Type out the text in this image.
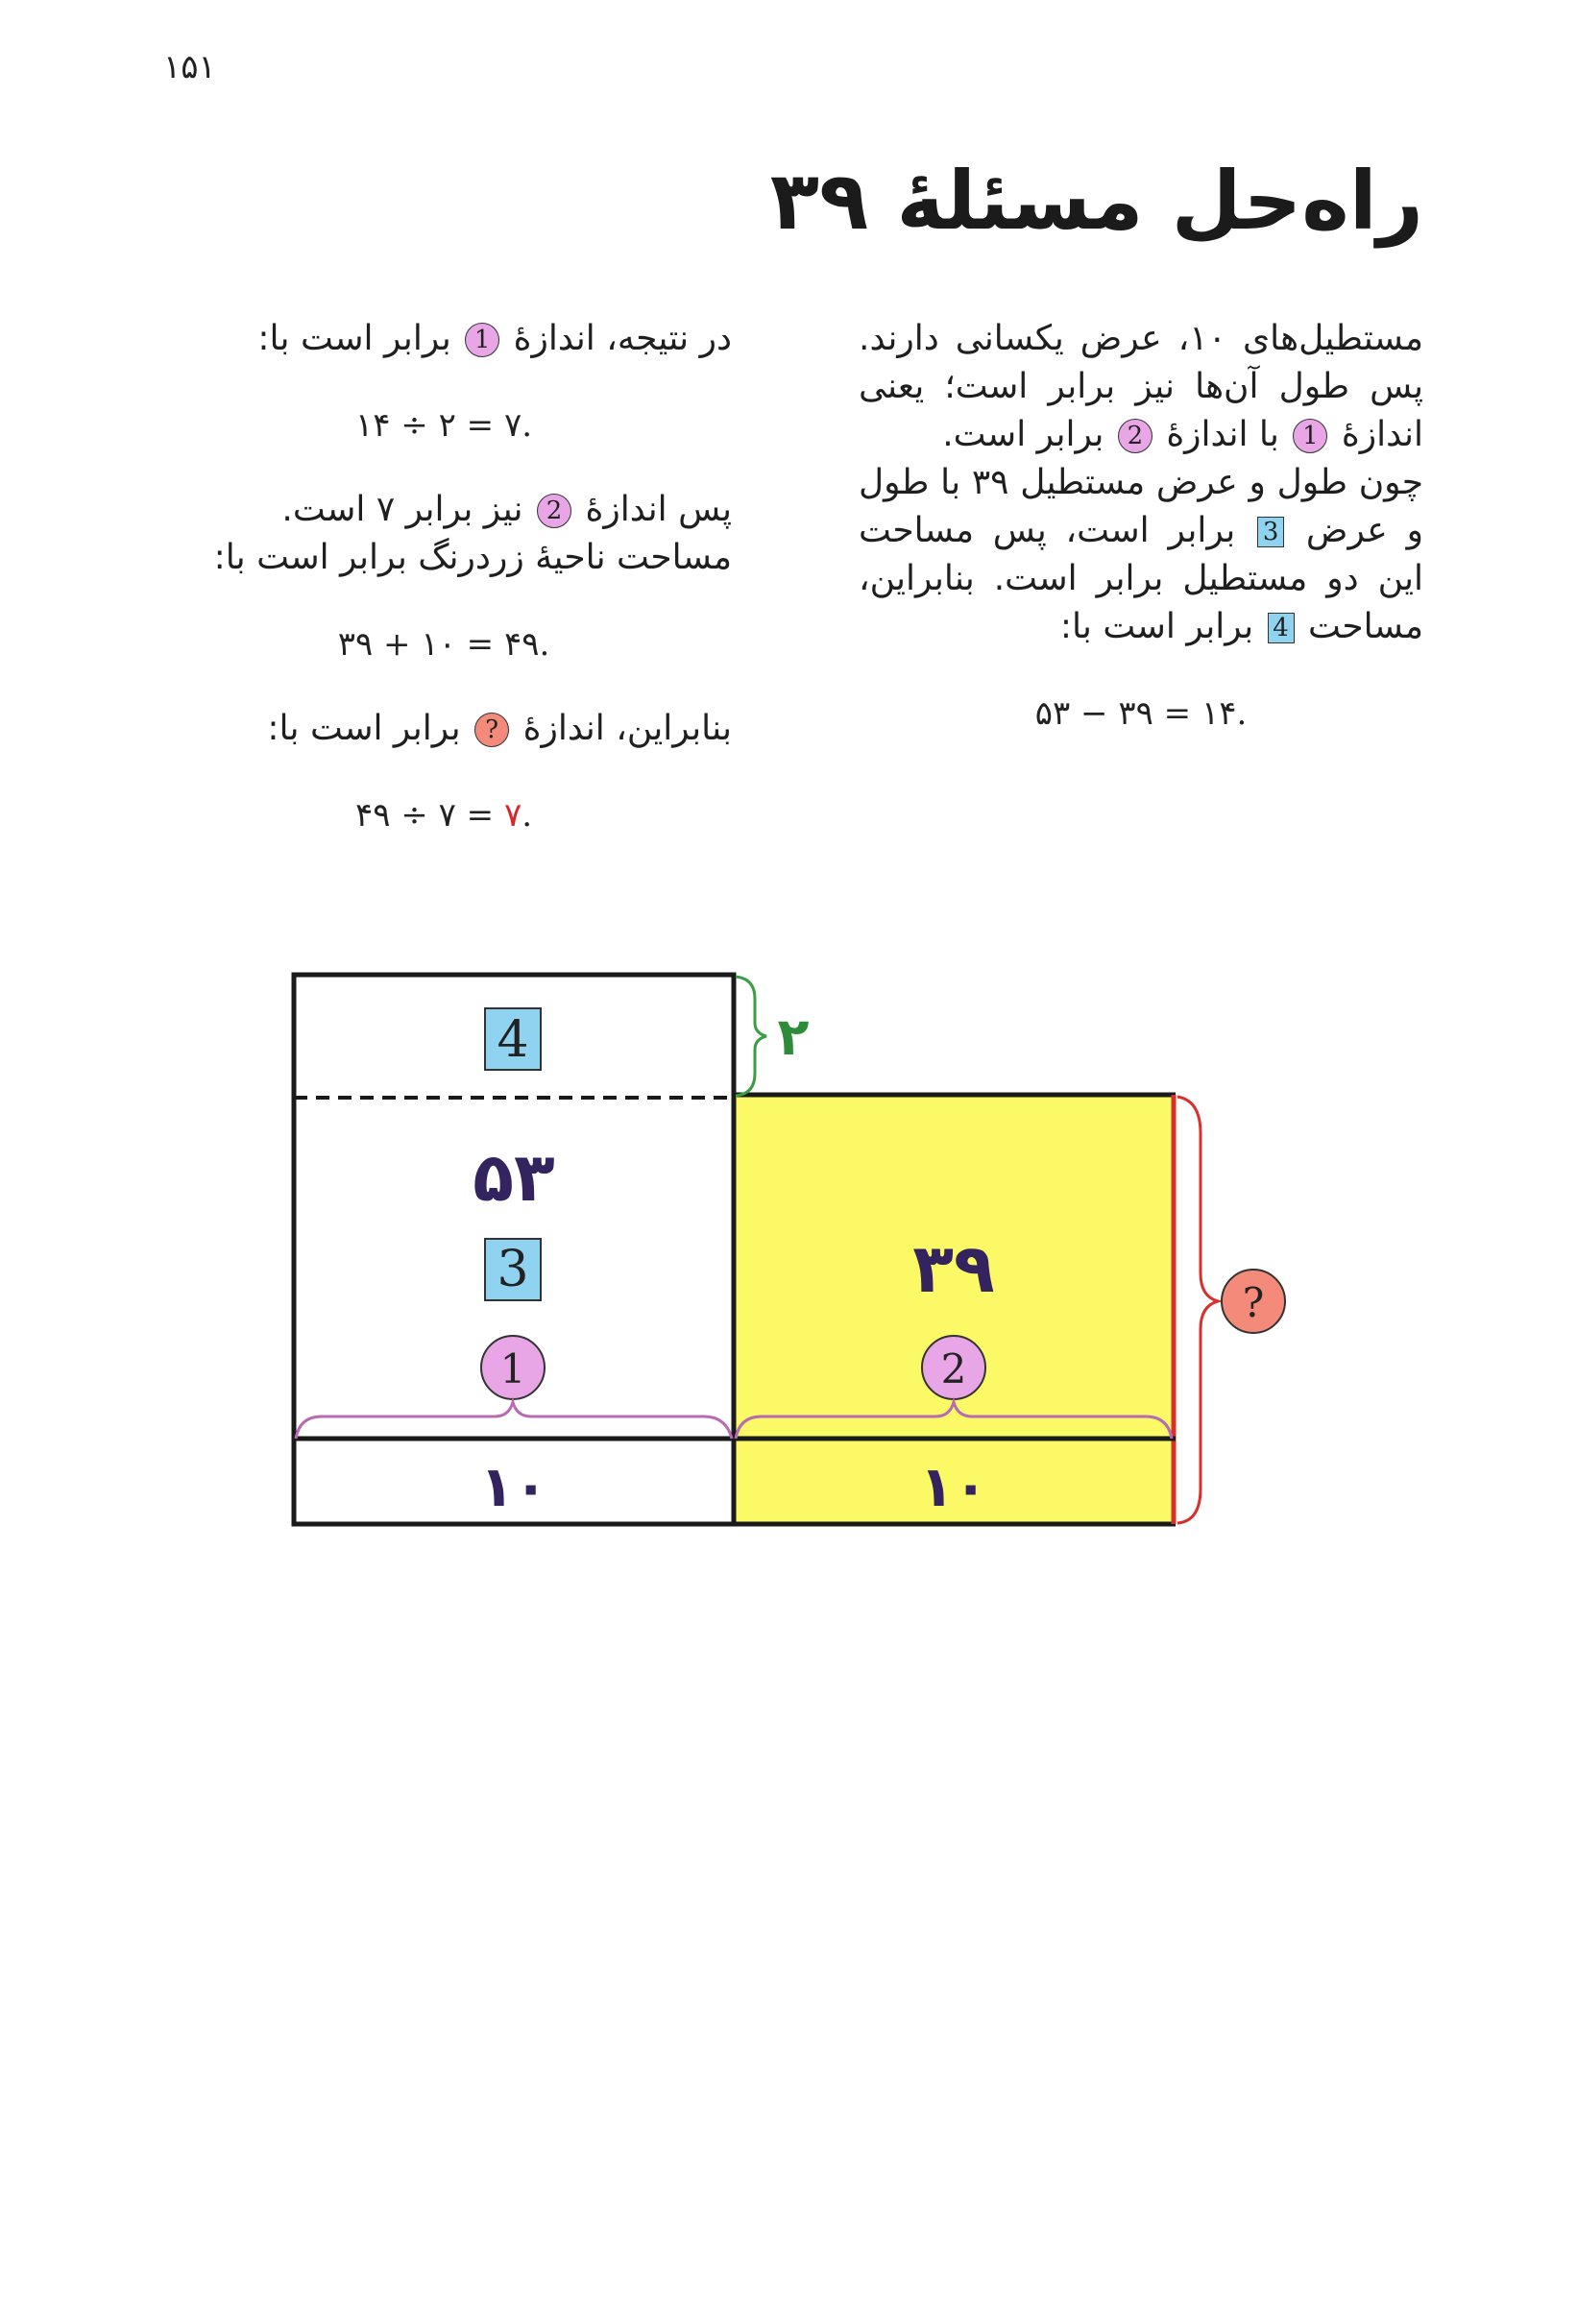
۱۵۱
راه‌حل مسئلهٔ ۳۹

مستطیل‌های ۱۰، عرض یکسانی دارند. پس طول آن‌ها نیز برابر است؛ یعنی اندازهٔ 1 با اندازهٔ 2 برابر است.

چون طول و عرض مستطیل ۳۹ با طول و عرض 3 برابر است، پس مساحت این دو مستطیل برابر است. بنابراین، مساحت 4 برابر است با:

۵۳ − ۳۹ = ۱۴.

در نتیجه، اندازهٔ 1 برابر است با:

۱۴ ÷ ۲ = ۷.

پس اندازهٔ 2 نیز برابر ۷ است.

مساحت ناحیهٔ زردرنگ برابر است با:

۳۹ + ۱۰ = ۴۹.

بنابراین، اندازهٔ ? برابر است با:

۴۹ ÷ ۷ = ۷.

4
۵۳
3
1
۳۹
2
۱۰	۱۰
۲
?
